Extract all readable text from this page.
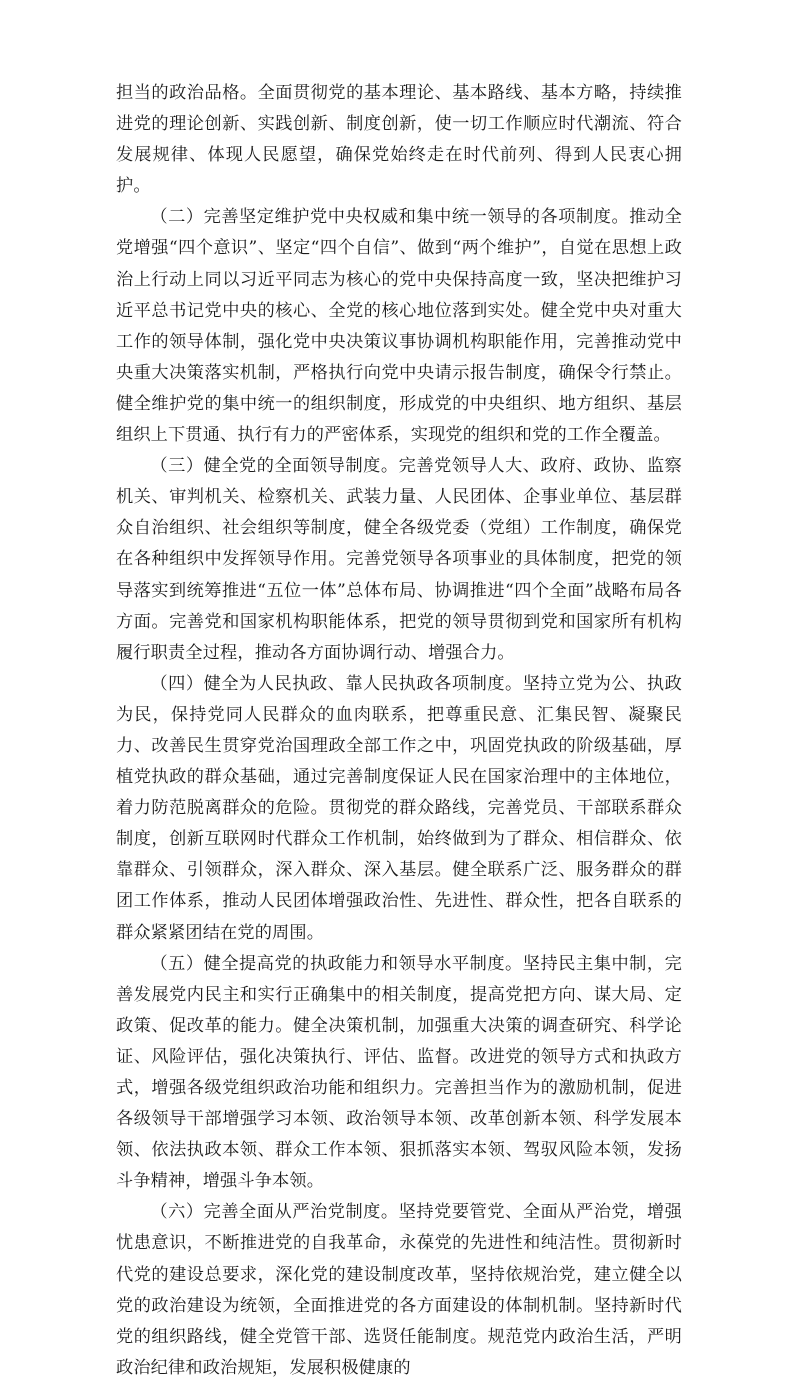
担当的政治品格。全面贯彻党的基本理论、基本路线、基本方略，持续推进党的理论创新、实践创新、制度创新，使一切工作顺应时代潮流、符合发展规律、体现人民愿望，确保党始终走在时代前列、得到人民衷心拥护。

（二）完善坚定维护党中央权威和集中统一领导的各项制度。推动全党增强“四个意识”、坚定“四个自信”、做到“两个维护”，自觉在思想上政治上行动上同以习近平同志为核心的党中央保持高度一致，坚决把维护习近平总书记党中央的核心、全党的核心地位落到实处。健全党中央对重大工作的领导体制，强化党中央决策议事协调机构职能作用，完善推动党中央重大决策落实机制，严格执行向党中央请示报告制度，确保令行禁止。健全维护党的集中统一的组织制度，形成党的中央组织、地方组织、基层组织上下贯通、执行有力的严密体系，实现党的组织和党的工作全覆盖。

（三）健全党的全面领导制度。完善党领导人大、政府、政协、监察机关、审判机关、检察机关、武装力量、人民团体、企事业单位、基层群众自治组织、社会组织等制度，健全各级党委（党组）工作制度，确保党在各种组织中发挥领导作用。完善党领导各项事业的具体制度，把党的领导落实到统筹推进“五位一体”总体布局、协调推进“四个全面”战略布局各方面。完善党和国家机构职能体系，把党的领导贯彻到党和国家所有机构履行职责全过程，推动各方面协调行动、增强合力。

（四）健全为人民执政、靠人民执政各项制度。坚持立党为公、执政为民，保持党同人民群众的血肉联系，把尊重民意、汇集民智、凝聚民力、改善民生贯穿党治国理政全部工作之中，巩固党执政的阶级基础，厚植党执政的群众基础，通过完善制度保证人民在国家治理中的主体地位，着力防范脱离群众的危险。贯彻党的群众路线，完善党员、干部联系群众制度，创新互联网时代群众工作机制，始终做到为了群众、相信群众、依靠群众、引领群众，深入群众、深入基层。健全联系广泛、服务群众的群团工作体系，推动人民团体增强政治性、先进性、群众性，把各自联系的群众紧紧团结在党的周围。

（五）健全提高党的执政能力和领导水平制度。坚持民主集中制，完善发展党内民主和实行正确集中的相关制度，提高党把方向、谋大局、定政策、促改革的能力。健全决策机制，加强重大决策的调查研究、科学论证、风险评估，强化决策执行、评估、监督。改进党的领导方式和执政方式，增强各级党组织政治功能和组织力。完善担当作为的激励机制，促进各级领导干部增强学习本领、政治领导本领、改革创新本领、科学发展本领、依法执政本领、群众工作本领、狠抓落实本领、驾驭风险本领，发扬斗争精神，增强斗争本领。

（六）完善全面从严治党制度。坚持党要管党、全面从严治党，增强忧患意识，不断推进党的自我革命，永葆党的先进性和纯洁性。贯彻新时代党的建设总要求，深化党的建设制度改革，坚持依规治党，建立健全以党的政治建设为统领，全面推进党的各方面建设的体制机制。坚持新时代党的组织路线，健全党管干部、选贤任能制度。规范党内政治生活，严明政治纪律和政治规矩，发展积极健康的
